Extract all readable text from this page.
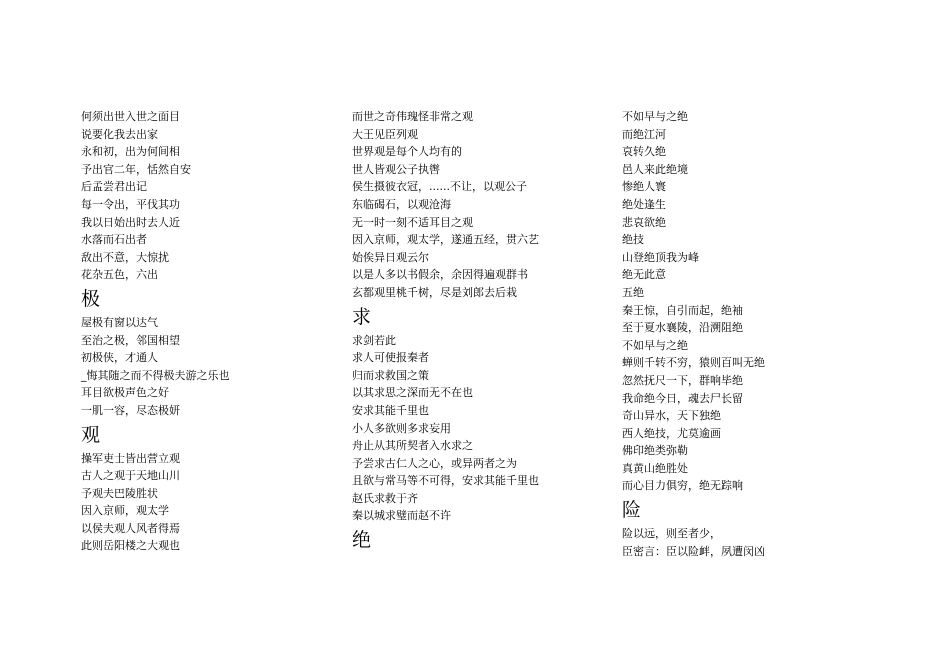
何须出世入世之面目
说要化我去出家
永和初，出为何间相
予出官二年，恬然自安
后孟尝君出记
每一令出，平伐其功
我以日始出时去人近
水落而石出者
敌出不意，大惊扰
花杂五色，六出
极
屋极有窗以达气
至治之极，邻国相望
初极侠，才通人
_悔其随之而不得极夫游之乐也
耳目欲极声色之好
一肌一容，尽态极妍
观
操军吏士皆出营立观
古人之观于天地山川
予观夫巴陵胜状
因入京师，观太学
以侯夫观人风者得焉
此则岳阳楼之大观也
而世之奇伟瑰怪非常之观
大王见臣列观
世界观是每个人均有的
世人皆观公子执辔
侯生摄彼衣冠，......不让，以观公子
东临碣石，以观沧海
无一时一刻不适耳目之观
因入京师，观太学，遂通五经，贯六艺
始俟异日观云尔
以是人多以书假余，余因得遍观群书
玄都观里桃千树，尽是刘郎去后栽
求
求剑若此
求人可使报秦者
归而求救国之策
以其求思之深而无不在也
安求其能千里也
小人多欲则多求妄用
舟止从其所契者入水求之
予尝求古仁人之心，或异两者之为
且欲与常马等不可得，安求其能千里也
赵氏求救于齐
秦以城求璧而赵不许
绝
不如早与之绝
而绝江河
哀转久绝
邑人来此绝境
惨绝人寰
绝处逢生
悲哀欲绝
绝技
山登绝顶我为峰
绝无此意
五绝
秦王惊，自引而起，绝袖
至于夏水襄陵，沿溯阻绝
不如早与之绝
蝉则千转不穷，猿则百叫无绝
忽然抚尺一下，群响毕绝
我命绝今日，魂去尸长留
奇山异水，天下独绝
西人绝技，尤莫逾画
佛印绝类弥勒
真黄山绝胜处
而心目力俱穷，绝无踪响
险
险以远，则至者少，
臣密言：臣以险衅，夙遭闵凶
